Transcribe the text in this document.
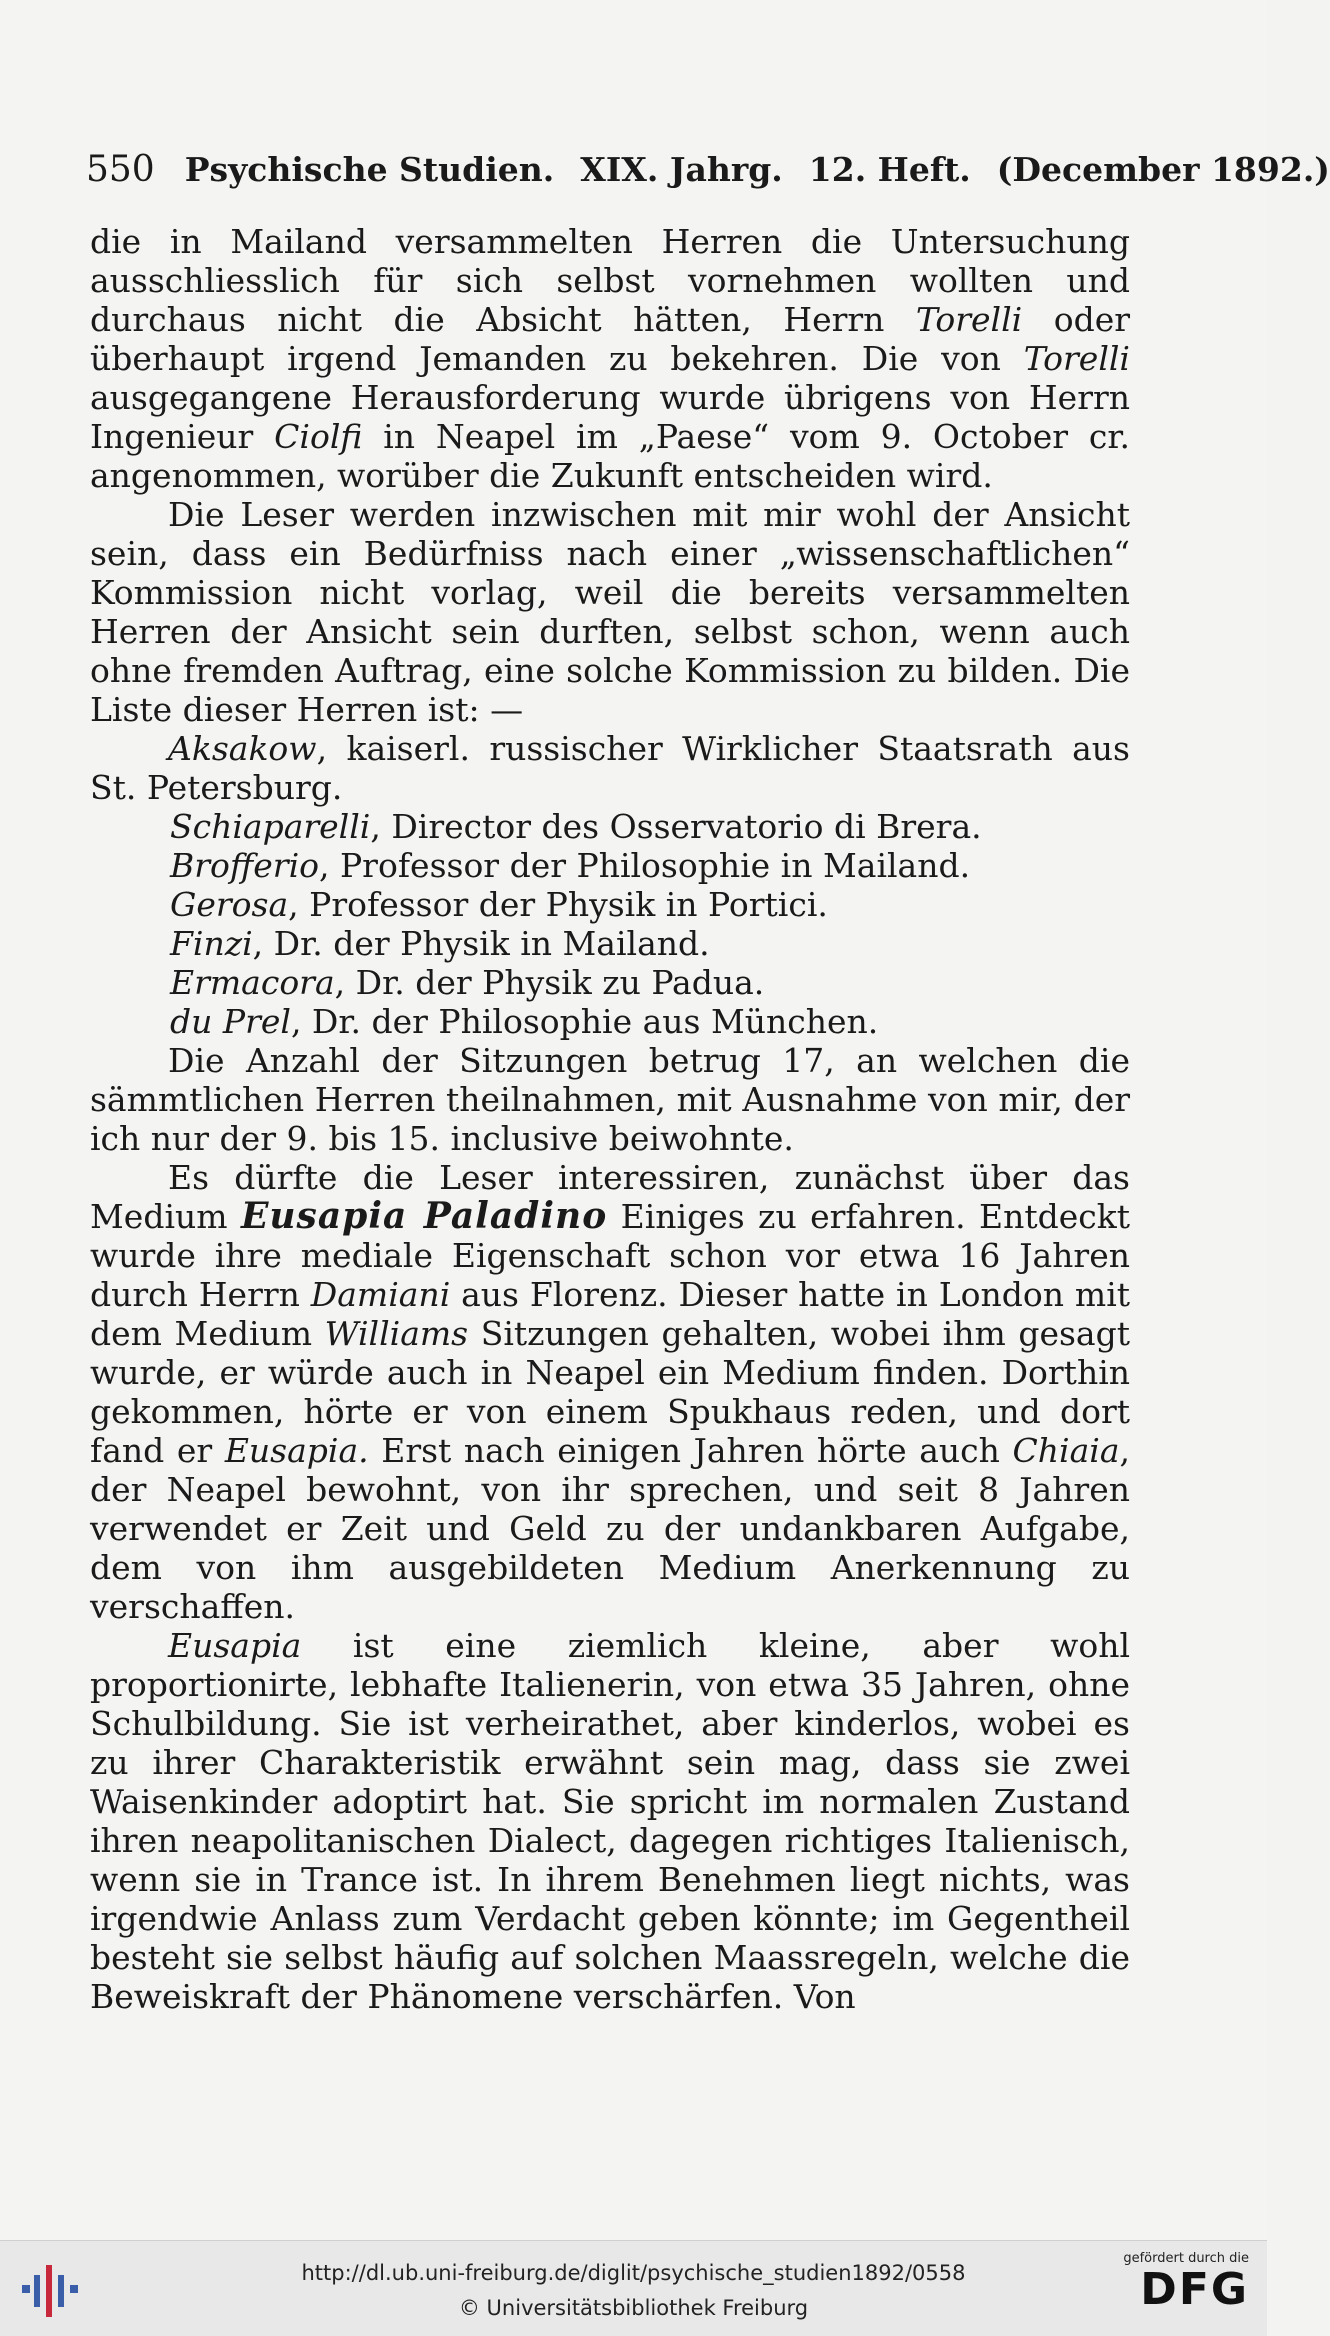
550 Psychische Studien. XIX. Jahrg. 12. Heft. (December 1892.)

die in Mailand versammelten Herren die Untersuchung ausschliesslich für sich selbst vornehmen wollten und durchaus nicht die Absicht hätten, Herrn Torelli oder überhaupt irgend Jemanden zu bekehren. Die von Torelli ausgegangene Herausforderung wurde übrigens von Herrn Ingenieur Ciolfi in Neapel im „Paese“ vom 9. October cr. angenommen, worüber die Zukunft entscheiden wird.

Die Leser werden inzwischen mit mir wohl der Ansicht sein, dass ein Bedürfniss nach einer „wissenschaftlichen“ Kommission nicht vorlag, weil die bereits versammelten Herren der Ansicht sein durften, selbst schon, wenn auch ohne fremden Auftrag, eine solche Kommission zu bilden. Die Liste dieser Herren ist: —

Aksakow, kaiserl. russischer Wirklicher Staatsrath aus St. Petersburg.

Schiaparelli, Director des Osservatorio di Brera.

Brofferio, Professor der Philosophie in Mailand.

Gerosa, Professor der Physik in Portici.

Finzi, Dr. der Physik in Mailand.

Ermacora, Dr. der Physik zu Padua.

du Prel, Dr. der Philosophie aus München.

Die Anzahl der Sitzungen betrug 17, an welchen die sämmtlichen Herren theilnahmen, mit Ausnahme von mir, der ich nur der 9. bis 15. inclusive beiwohnte.

Es dürfte die Leser interessiren, zunächst über das Medium Eusapia Paladino Einiges zu erfahren. Entdeckt wurde ihre mediale Eigenschaft schon vor etwa 16 Jahren durch Herrn Damiani aus Florenz. Dieser hatte in London mit dem Medium Williams Sitzungen gehalten, wobei ihm gesagt wurde, er würde auch in Neapel ein Medium finden. Dorthin gekommen, hörte er von einem Spukhaus reden, und dort fand er Eusapia. Erst nach einigen Jahren hörte auch Chiaia, der Neapel bewohnt, von ihr sprechen, und seit 8 Jahren verwendet er Zeit und Geld zu der undankbaren Aufgabe, dem von ihm ausgebildeten Medium Anerkennung zu verschaffen.

Eusapia ist eine ziemlich kleine, aber wohl proportionirte, lebhafte Italienerin, von etwa 35 Jahren, ohne Schulbildung. Sie ist verheirathet, aber kinderlos, wobei es zu ihrer Charakteristik erwähnt sein mag, dass sie zwei Waisenkinder adoptirt hat. Sie spricht im normalen Zustand ihren neapolitanischen Dialect, dagegen richtiges Italienisch, wenn sie in Trance ist. In ihrem Benehmen liegt nichts, was irgendwie Anlass zum Verdacht geben könnte; im Gegentheil besteht sie selbst häufig auf solchen Maassregeln, welche die Beweiskraft der Phänomene verschärfen. Von

http://dl.ub.uni-freiburg.de/diglit/psychische_studien1892/0558
© Universitätsbibliothek Freiburg
gefördert durch die
DFG
